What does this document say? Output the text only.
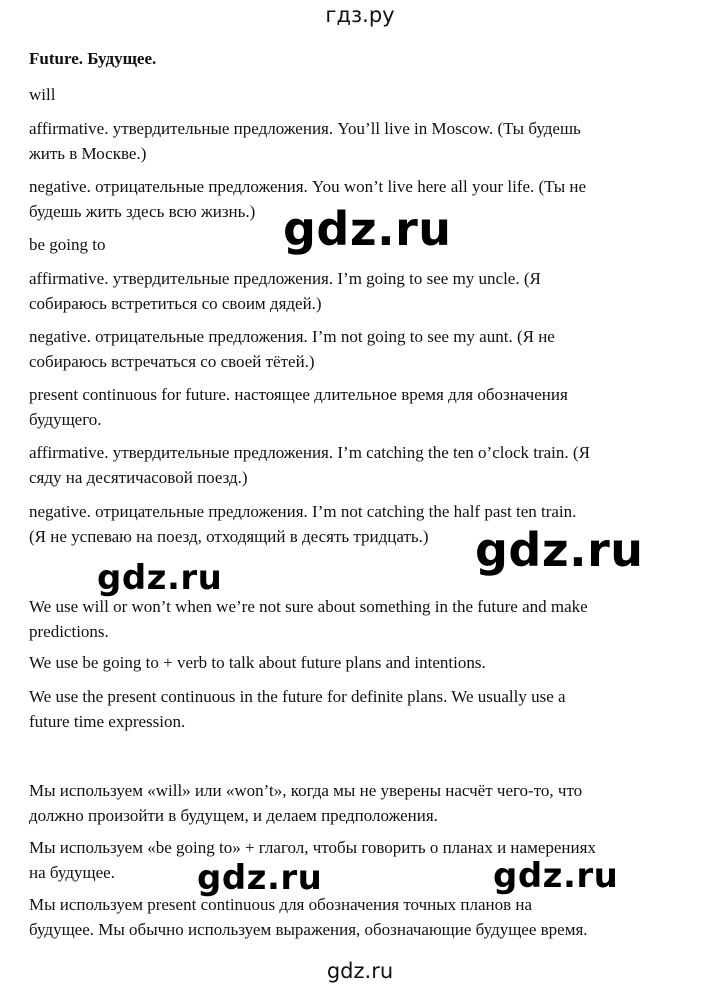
гдз.ру
Future. Будущее.
will
affirmative. утвердительные предложения. You’ll live in Moscow. (Ты будешь
жить в Москве.)
negative. отрицательные предложения. You won’t live here all your life. (Ты не
будешь жить здесь всю жизнь.)
be going to
affirmative. утвердительные предложения. I’m going to see my uncle. (Я
собираюсь встретиться со своим дядей.)
negative. отрицательные предложения. I’m not going to see my aunt. (Я не
собираюсь встречаться со своей тётей.)
present continuous for future. настоящее длительное время для обозначения
будущего.
affirmative. утвердительные предложения. I’m catching the ten o’clock train. (Я
сяду на десятичасовой поезд.)
negative. отрицательные предложения. I’m not catching the half past ten train.
(Я не успеваю на поезд, отходящий в десять тридцать.)
We use will or won’t when we’re not sure about something in the future and make
predictions.
We use be going to + verb to talk about future plans and intentions.
We use the present continuous in the future for definite plans. We usually use a
future time expression.
Мы используем «will» или «won’t», когда мы не уверены насчёт чего-то, что
должно произойти в будущем, и делаем предположения.
Мы используем «be going to» + глагол, чтобы говорить о планах и намерениях
на будущее.
Мы используем present continuous для обозначения точных планов на
будущее. Мы обычно используем выражения, обозначающие будущее время.
gdz.ru
gdz.ru
gdz.ru
gdz.ru	gdz.ru
gdz.ru
